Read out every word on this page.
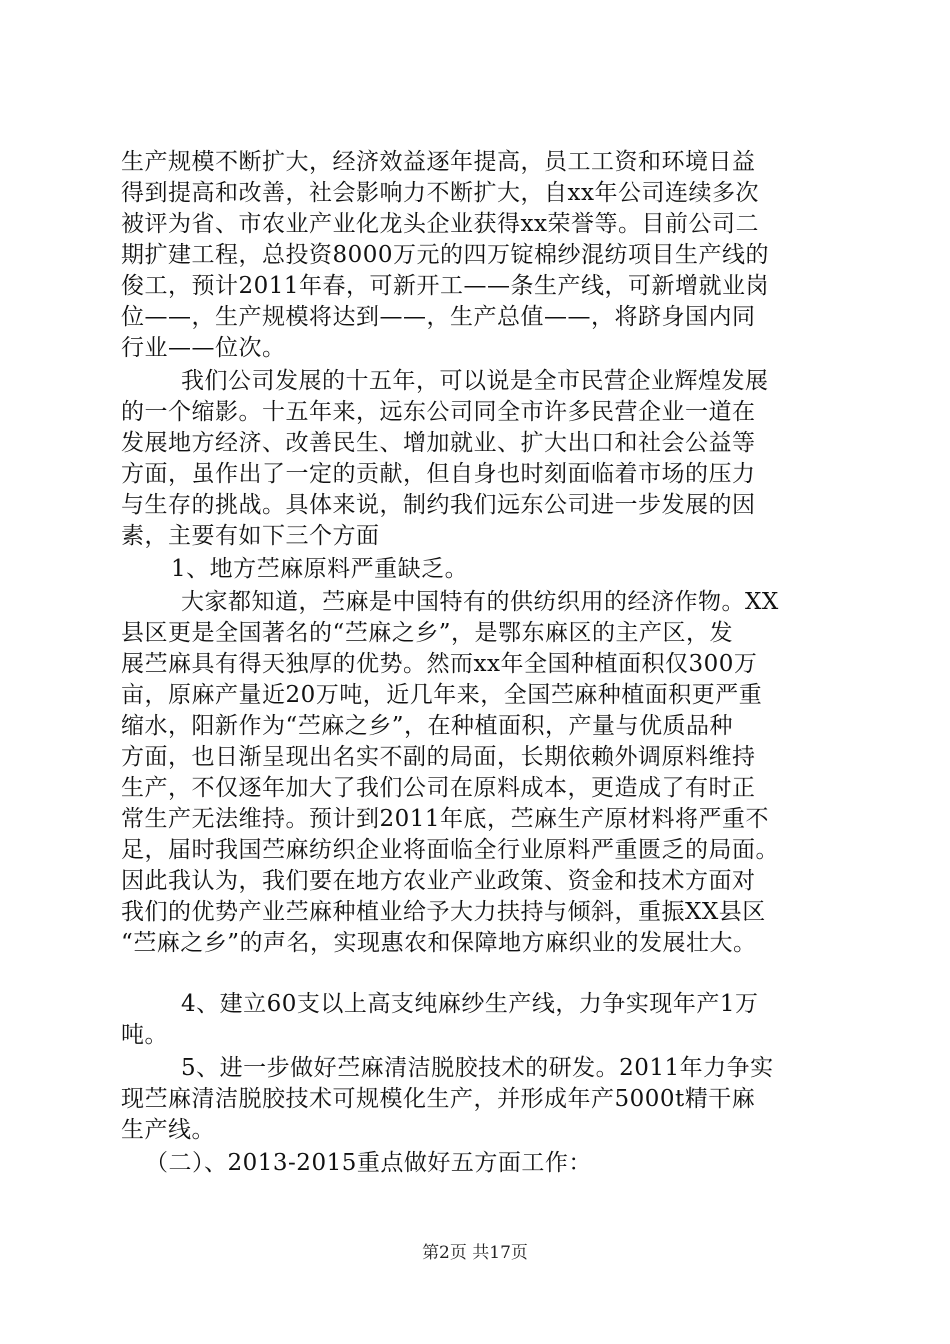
生产规模不断扩大，经济效益逐年提高，员工工资和环境日益
得到提高和改善，社会影响力不断扩大，自xx年公司连续多次
被评为省、市农业产业化龙头企业获得xx荣誉等。目前公司二
期扩建工程，总投资8000万元的四万锭棉纱混纺项目生产线的
俊工，预计2011年春，可新开工——条生产线，可新增就业岗
位——，生产规模将达到——，生产总值——，将跻身国内同
行业——位次。
我们公司发展的十五年，可以说是全市民营企业辉煌发展
的一个缩影。十五年来，远东公司同全市许多民营企业一道在
发展地方经济、改善民生、增加就业、扩大出口和社会公益等
方面，虽作出了一定的贡献，但自身也时刻面临着市场的压力
与生存的挑战。具体来说，制约我们远东公司进一步发展的因
素，主要有如下三个方面
1、地方苎麻原料严重缺乏。
大家都知道，苎麻是中国特有的供纺织用的经济作物。XX
县区更是全国著名的“苎麻之乡”，是鄂东麻区的主产区，发
展苎麻具有得天独厚的优势。然而xx年全国种植面积仅300万
亩，原麻产量近20万吨，近几年来，全国苎麻种植面积更严重
缩水，阳新作为“苎麻之乡”，在种植面积，产量与优质品种
方面，也日渐呈现出名实不副的局面，长期依赖外调原料维持
生产，不仅逐年加大了我们公司在原料成本，更造成了有时正
常生产无法维持。预计到2011年底，苎麻生产原材料将严重不
足，届时我国苎麻纺织企业将面临全行业原料严重匮乏的局面。
因此我认为，我们要在地方农业产业政策、资金和技术方面对
我们的优势产业苎麻种植业给予大力扶持与倾斜，重振XX县区
“苎麻之乡”的声名，实现惠农和保障地方麻织业的发展壮大。
4、建立60支以上高支纯麻纱生产线，力争实现年产1万
吨。
5、进一步做好苎麻清洁脱胶技术的研发。2011年力争实
现苎麻清洁脱胶技术可规模化生产，并形成年产5000t精干麻
生产线。
（二）、2013-2015重点做好五方面工作：
第2页 共17页
